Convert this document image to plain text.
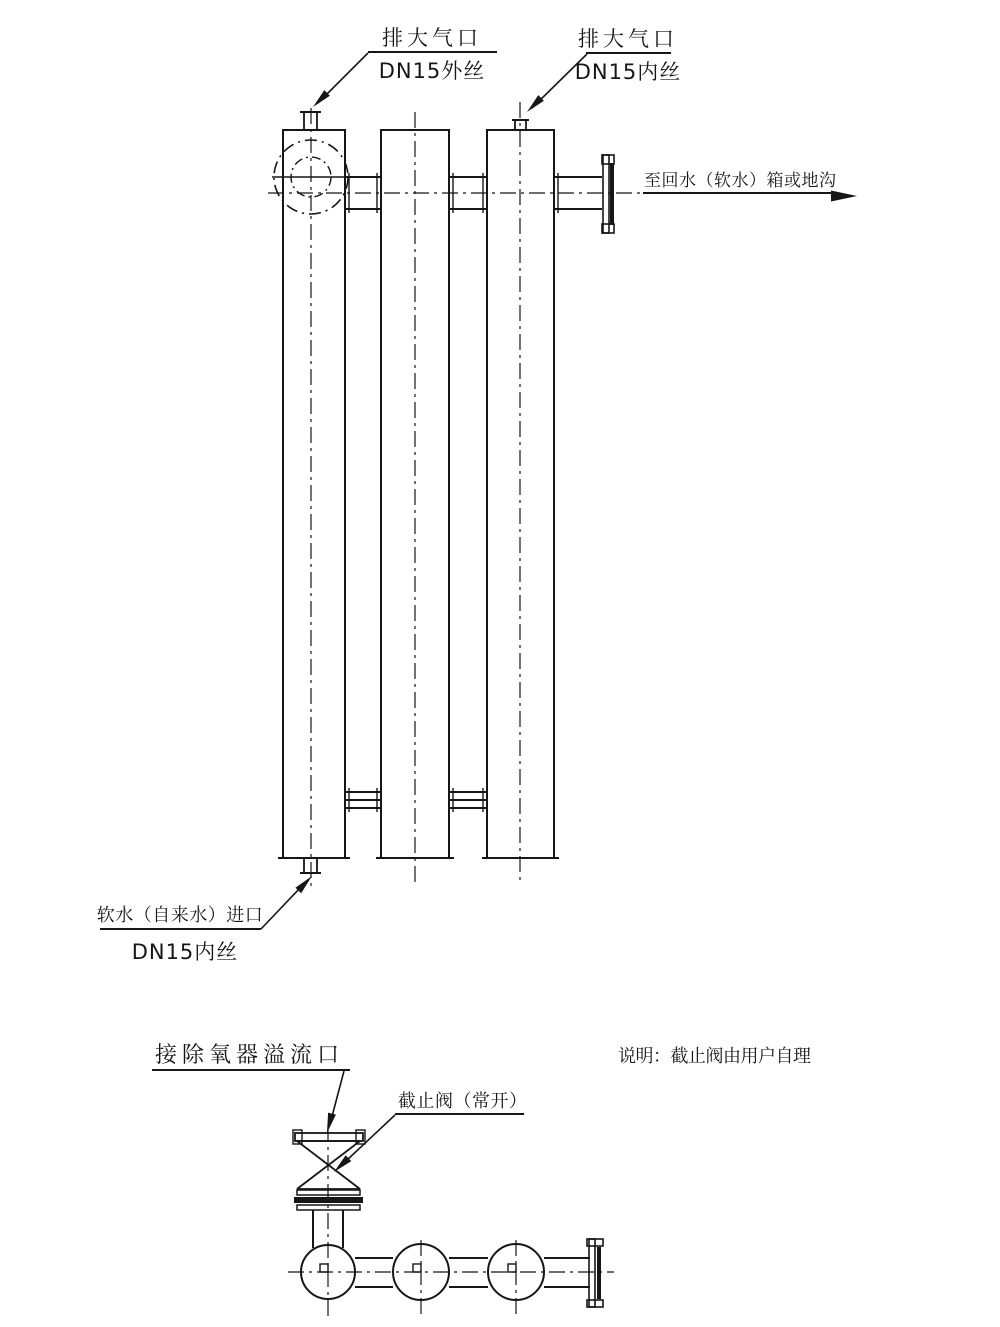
排大气口
DN15外丝
排大气口
DN15内丝
至回水（软水）箱或地沟
软水（自来水）进口
DN15内丝
接除氧器溢流口
截止阀（常开）
说明：截止阀由用户自理
